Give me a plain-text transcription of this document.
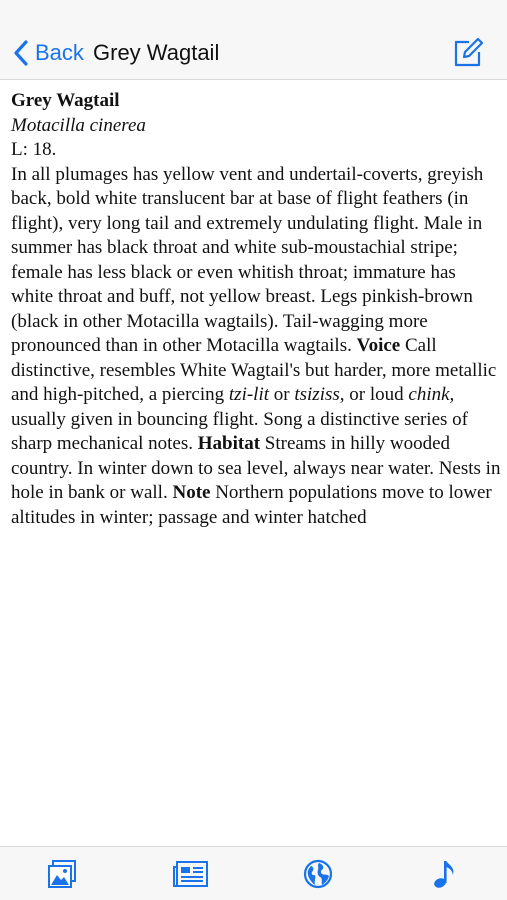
Back Grey Wagtail

Grey Wagtail

Motacilla cinerea

L: 18.

In all plumages has yellow vent and undertail-coverts, greyish back, bold white translucent bar at base of flight feathers (in flight), very long tail and extremely undulating flight. Male in summer has black throat and white sub-moustachial stripe; female has less black or even whitish throat; immature has white throat and buff, not yellow breast. Legs pinkish-brown (black in other Motacilla wagtails). Tail-wagging more pronounced than in other Motacilla wagtails. Voice Call distinctive, resembles White Wagtail's but harder, more metallic and high-pitched, a piercing tzi-lit or tsiziss, or loud chink, usually given in bouncing flight. Song a distinctive series of sharp mechanical notes. Habitat Streams in hilly wooded country. In winter down to sea level, always near water. Nests in hole in bank or wall. Note Northern populations move to lower altitudes in winter; passage and winter hatched
